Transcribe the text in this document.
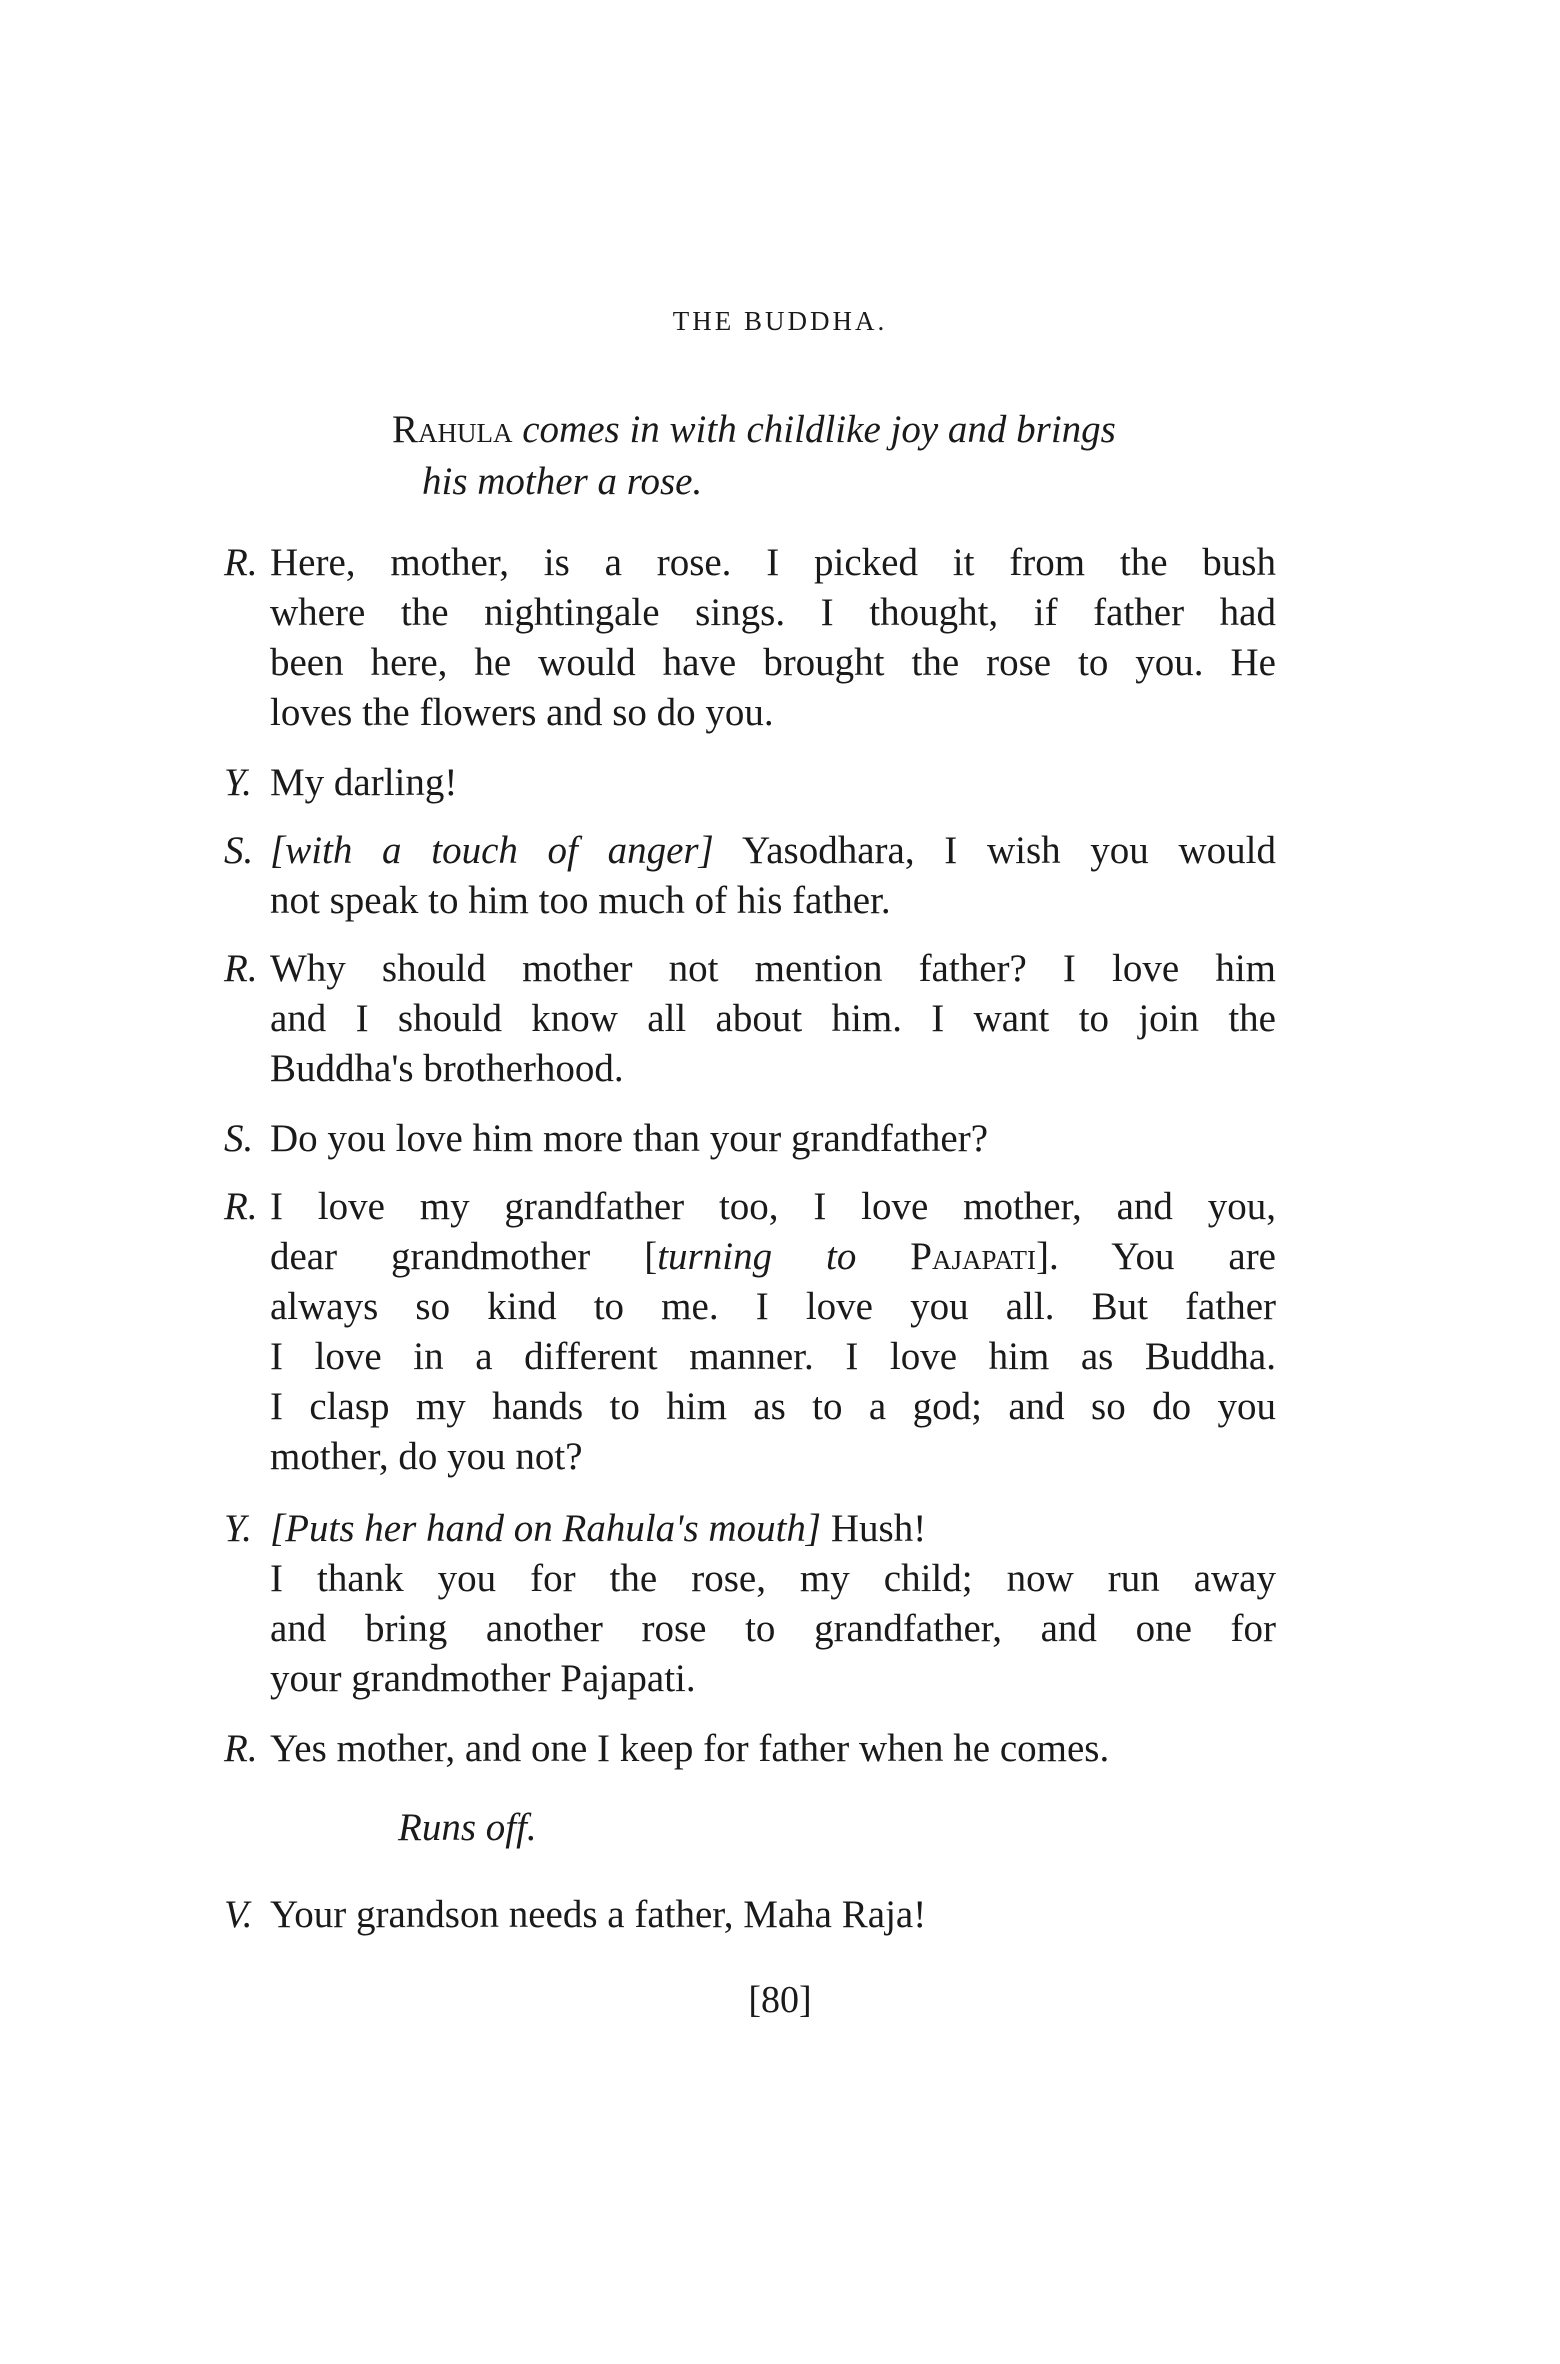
THE BUDDHA.
Rahula comes in with childlike joy and brings
his mother a rose.
R. Here, mother, is a rose. I picked it from the bush
where the nightingale sings. I thought, if father had
been here, he would have brought the rose to you. He
loves the flowers and so do you.
Y. My darling!
S. [with a touch of anger] Yasodhara, I wish you would
not speak to him too much of his father.
R. Why should mother not mention father? I love him
and I should know all about him. I want to join the
Buddha's brotherhood.
S. Do you love him more than your grandfather?
R. I love my grandfather too, I love mother, and you,
dear grandmother [turning to Pajapati]. You are
always so kind to me. I love you all. But father
I love in a different manner. I love him as Buddha.
I clasp my hands to him as to a god; and so do you
mother, do you not?
Y. [Puts her hand on Rahula's mouth] Hush!
I thank you for the rose, my child; now run away
and bring another rose to grandfather, and one for
your grandmother Pajapati.
R. Yes mother, and one I keep for father when he comes.
Runs off.
V. Your grandson needs a father, Maha Raja!
[80]
